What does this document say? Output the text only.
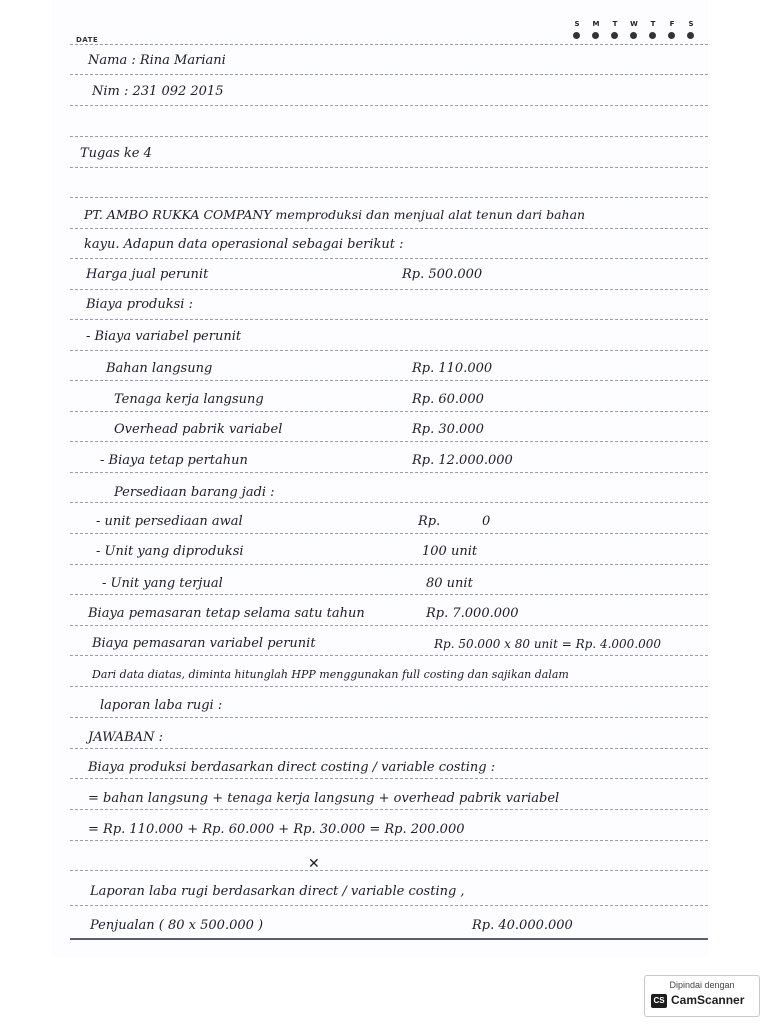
DATE
S	M	T	W	T	F	S
Nama : Rina Mariani
Nim : 231 092 2015
Tugas ke 4
PT. AMBO RUKKA COMPANY memproduksi dan menjual alat tenun dari bahan
kayu. Adapun data operasional sebagai berikut :
Harga jual perunit	Rp. 500.000
Biaya produksi :
- Biaya variabel perunit
Bahan langsung	Rp. 110.000
Tenaga kerja langsung	Rp. 60.000
Overhead pabrik variabel	Rp. 30.000
- Biaya tetap pertahun	Rp. 12.000.000
Persediaan barang jadi :
- unit persediaan awal	Rp.	0
- Unit yang diproduksi	100 unit
- Unit yang terjual	80 unit
Biaya pemasaran tetap selama satu tahun	Rp. 7.000.000
Biaya pemasaran variabel perunit	Rp. 50.000 x 80 unit = Rp. 4.000.000
Dari data diatas, diminta hitunglah HPP menggunakan full costing dan sajikan dalam
laporan laba rugi :
JAWABAN :
Biaya produksi berdasarkan direct costing / variable costing :
= bahan langsung + tenaga kerja langsung + overhead pabrik variabel
= Rp. 110.000 + Rp. 60.000 + Rp. 30.000 = Rp. 200.000
✕
Laporan laba rugi berdasarkan direct / variable costing ,
Penjualan ( 80 x 500.000 )	Rp. 40.000.000
Dipindai dengan
CS CamScanner
